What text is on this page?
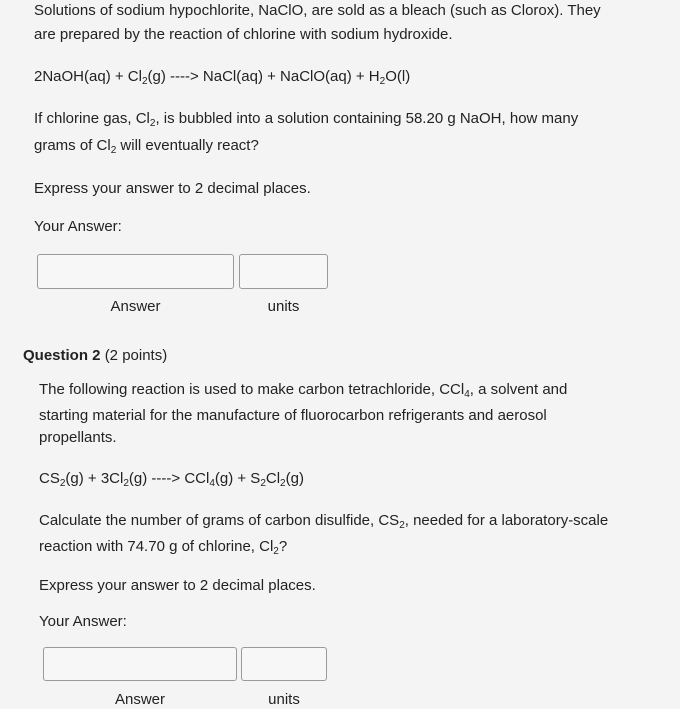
Solutions of sodium hypochlorite, NaClO, are sold as a bleach (such as Clorox). They
are prepared by the reaction of chlorine with sodium hydroxide.
2NaOH(aq) + $Cl_2(g)$ ----> NaCl(aq) + NaClO(aq) + $H_2O(l)$
If chlorine gas, $Cl_2$, is bubbled into a solution containing 58.20 g NaOH, how many
grams of $Cl_2$ will eventually react?
Express your answer to 2 decimal places.
Your Answer:
Answer	units
Question 2 (2 points)
The following reaction is used to make carbon tetrachloride, CCl$_4$, a solvent and
starting material for the manufacture of fluorocarbon refrigerants and aerosol
propellants.
$CS_2(g) + 3Cl_2(g)$ ----> $CCl_4(g) + S_2Cl_2(g)$
Calculate the number of grams of carbon disulfide, $CS_2$, needed for a laboratory-scale
reaction with 74.70 g of chlorine, $Cl_2$?
Express your answer to 2 decimal places.
Your Answer:
Answer	units
